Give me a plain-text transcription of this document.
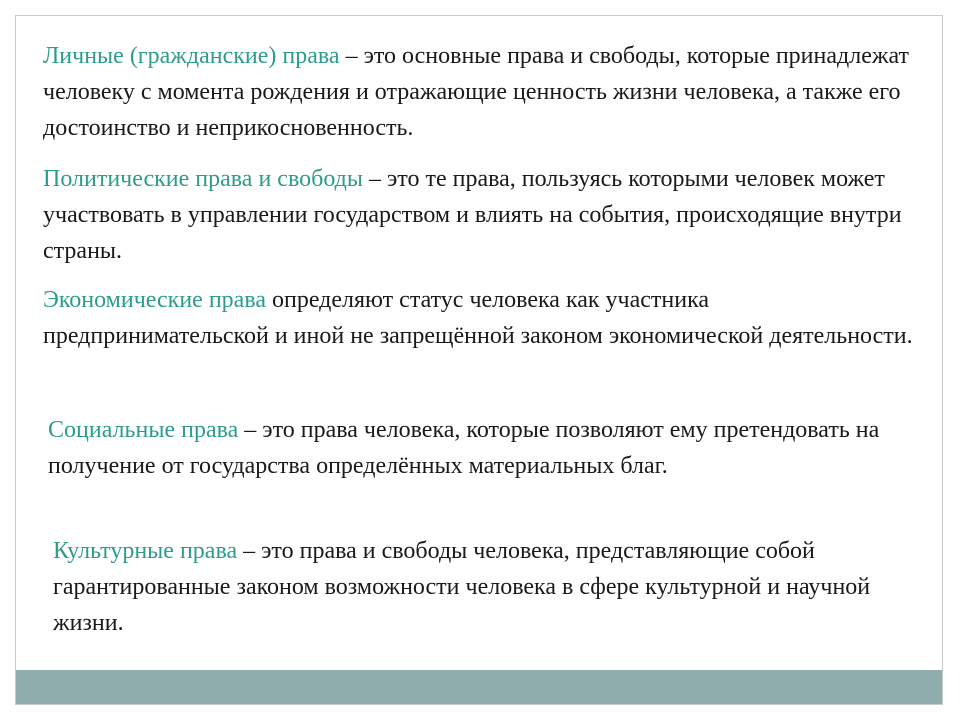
Личные (гражданские) права – это основные права и свободы, которые принадлежат человеку с момента рождения и отражающие ценность жизни человека, а также его достоинство и неприкосновенность.

Политические права и свободы – это те права, пользуясь которыми человек может участвовать в управлении государством и влиять на события, происходящие внутри страны.

Экономические права определяют статус человека как участника предпринимательской и иной не запрещённой законом экономической деятельности.

Социальные права – это права человека, которые позволяют ему претендовать на получение от государства определённых материальных благ.

Культурные права – это права и свободы человека, представляющие собой гарантированные законом возможности человека в сфере культурной и научной жизни.
